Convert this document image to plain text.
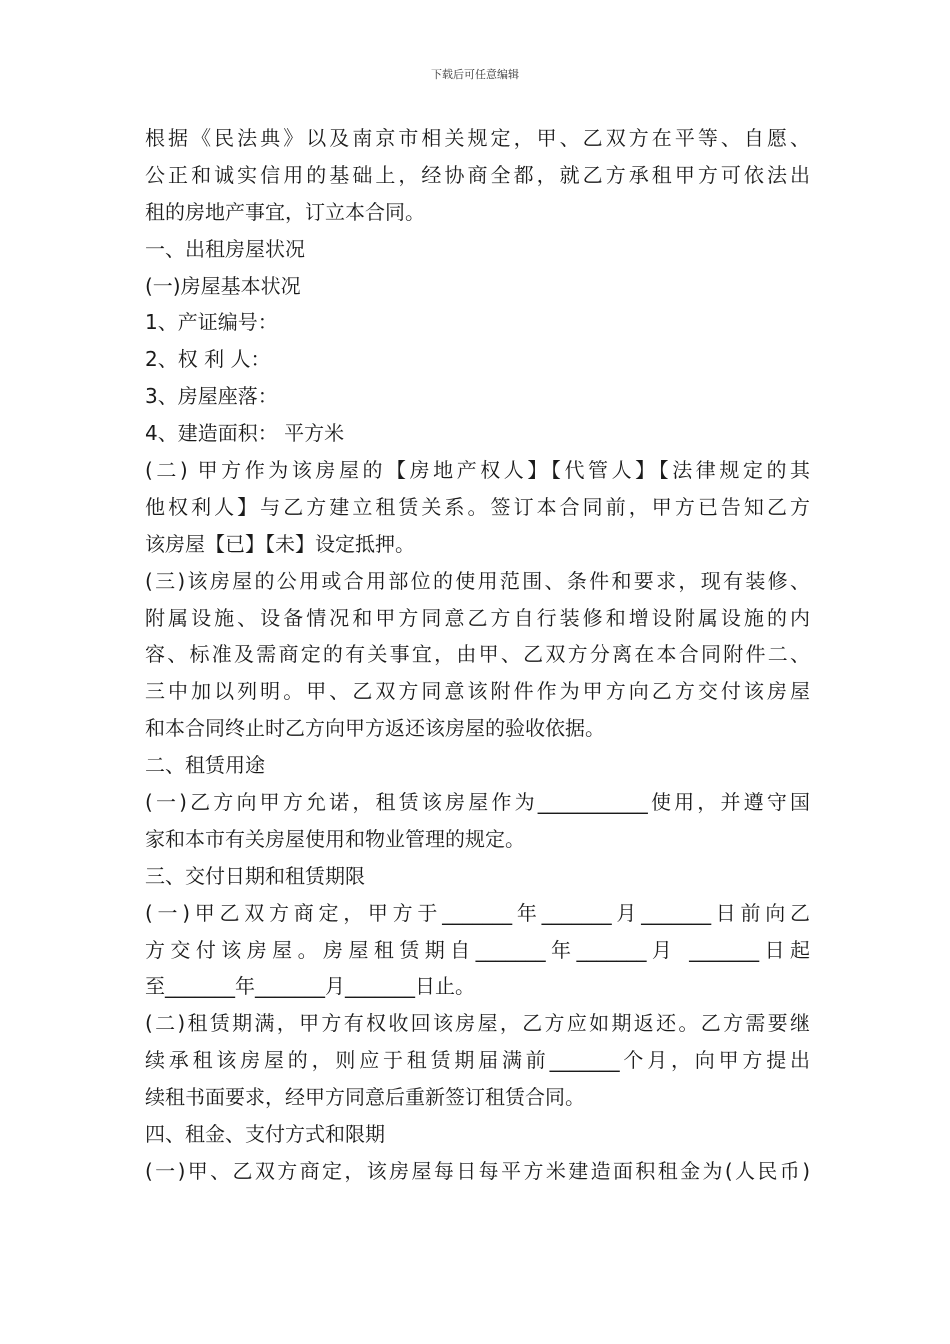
下载后可任意编辑
根据《民法典》以及南京市相关规定，甲、乙双方在平等、自愿、
公正和诚实信用的基础上，经协商全都，就乙方承租甲方可依法出
租的房地产事宜，订立本合同。
一、出租房屋状况
(一)房屋基本状况
1、产证编号：
2、权 利 人：
3、房屋座落：
4、建造面积： 平方米
(二) 甲方作为该房屋的【房地产权人】【代管人】【法律规定的其
他权利人】与乙方建立租赁关系。签订本合同前，甲方已告知乙方
该房屋【已】【未】设定抵押。
(三)该房屋的公用或合用部位的使用范围、条件和要求，现有装修、
附属设施、设备情况和甲方同意乙方自行装修和增设附属设施的内
容、标准及需商定的有关事宜，由甲、乙双方分离在本合同附件二、
三中加以列明。甲、乙双方同意该附件作为甲方向乙方交付该房屋
和本合同终止时乙方向甲方返还该房屋的验收依据。
二、租赁用途
(一)乙方向甲方允诺，租赁该房屋作为___________使用，并遵守国
家和本市有关房屋使用和物业管理的规定。
三、交付日期和租赁期限
(一)甲乙双方商定，甲方于_______年_______月_______日前向乙
方交付该房屋。房屋租赁期自_______年_______月 _______日起
至_______年_______月_______日止。
(二)租赁期满，甲方有权收回该房屋，乙方应如期返还。乙方需要继
续承租该房屋的，则应于租赁期届满前_______个月，向甲方提出
续租书面要求，经甲方同意后重新签订租赁合同。
四、租金、支付方式和限期
(一)甲、乙双方商定，该房屋每日每平方米建造面积租金为(人民币)
